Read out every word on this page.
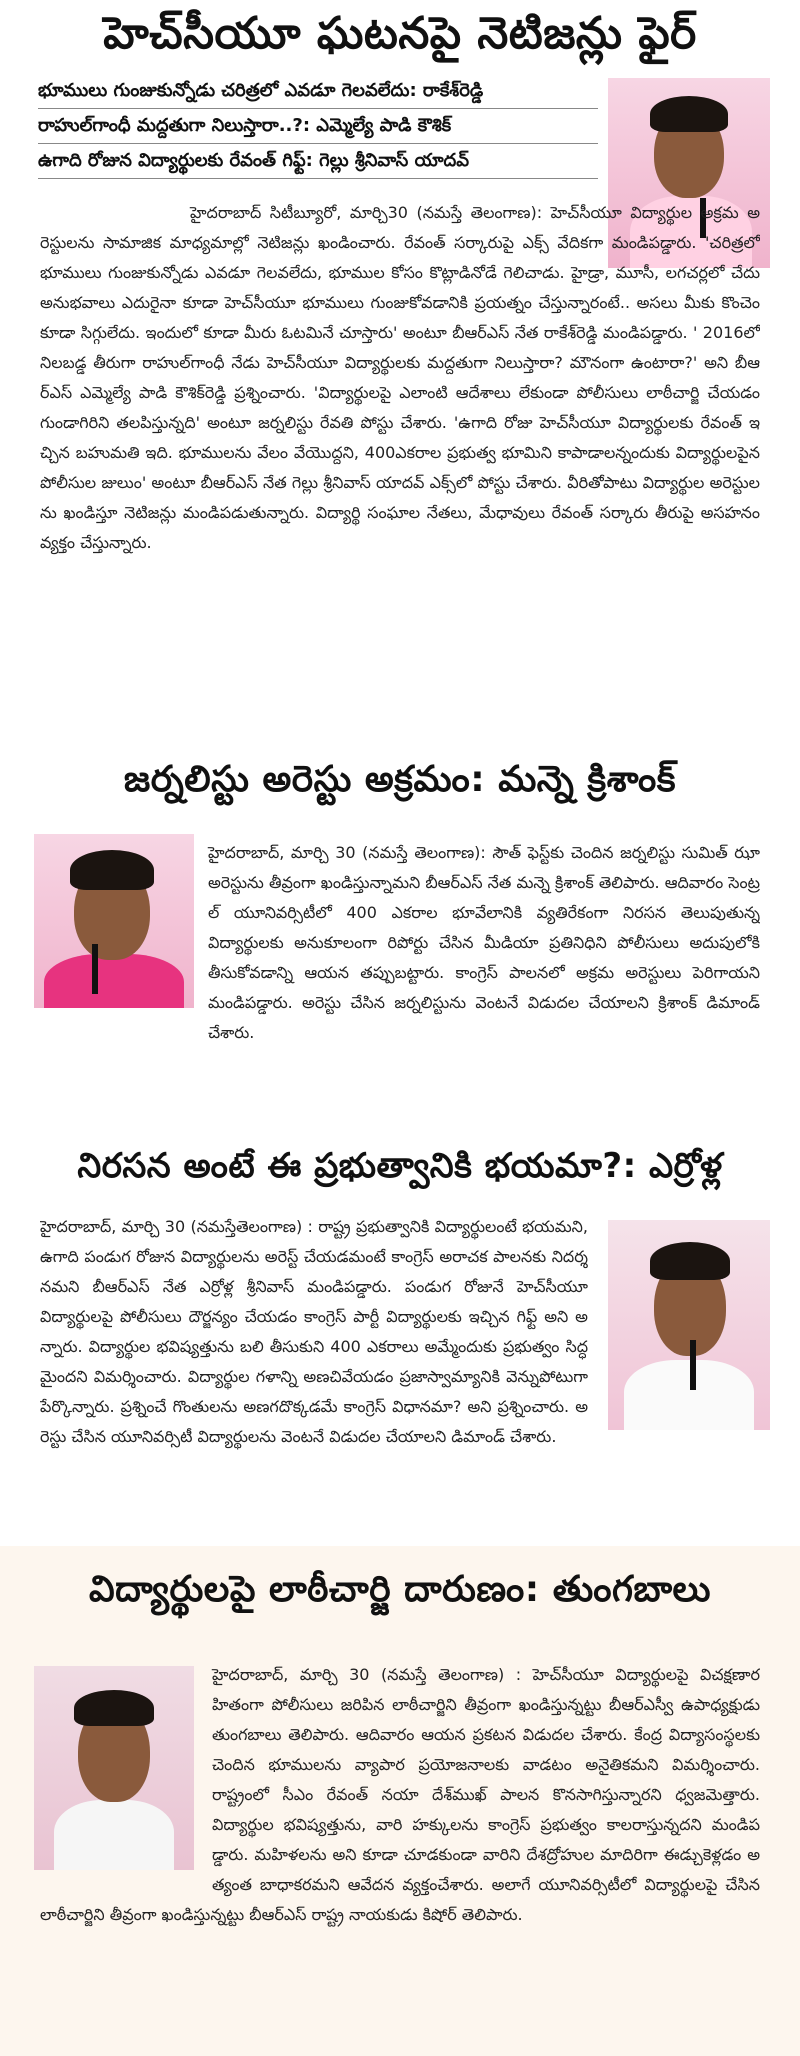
హెచ్‌సీయూ ఘటనపై నెటిజన్లు ఫైర్
భూములు గుంజుకున్నోడు చరిత్రలో ఎవడూ గెలవలేదు: రాకేశ్‌రెడ్డి
రాహుల్‌గాంధీ మద్దతుగా నిలుస్తారా..?: ఎమ్మెల్యే పాడి కౌశిక్
ఉగాది రోజున విద్యార్థులకు రేవంత్ గిఫ్ట్: గెల్లు శ్రీనివాస్ యాదవ్
హైదరాబాద్ సిటీబ్యూరో, మార్చి30 (నమస్తే తెలంగాణ): హెచ్‌సీయూ విద్యార్థుల అక్రమ అరెస్టులను సామాజిక మాధ్యమాల్లో నెటిజన్లు ఖండించారు. రేవంత్ సర్కారుపై ఎక్స్ వేదికగా మండిపడ్డారు. 'చరిత్రలో భూములు గుంజుకున్నోడు ఎవడూ గెలవలేదు, భూముల కోసం కొట్లాడినోడే గెలిచాడు. హైడ్రా, మూసీ, లగచర్లలో చేదు అనుభవాలు ఎదురైనా కూడా హెచ్‌సీయూ భూములు గుంజుకోవడానికి ప్రయత్నం చేస్తున్నారంటే.. అసలు మీకు కొంచెం కూడా సిగ్గులేదు. ఇందులో కూడా మీరు ఓటమినే చూస్తారు' అంటూ బీఆర్‌ఎస్ నేత రాకేశ్‌రెడ్డి మండిపడ్డారు. ' 2016లో నిలబడ్డ తీరుగా రాహుల్‌గాంధీ నేడు హెచ్‌సీయూ విద్యార్థులకు మద్దతుగా నిలుస్తారా? మౌనంగా ఉంటారా?' అని బీఆర్‌ఎస్ ఎమ్మెల్యే పాడి కౌశిక్‌రెడ్డి ప్రశ్నించారు. 'విద్యార్థులపై ఎలాంటి ఆదేశాలు లేకుండా పోలీసులు లాఠీచార్జి చేయడం గుండాగిరిని తలపిస్తున్నది' అంటూ జర్నలిస్టు రేవతి పోస్టు చేశారు. 'ఉగాది రోజు హెచ్‌సీయూ విద్యార్థులకు రేవంత్ ఇచ్చిన బహుమతి ఇది. భూములను వేలం వేయొద్దని, 400ఎకరాల ప్రభుత్వ భూమిని కాపాడాలన్నందుకు విద్యార్థులపైన పోలీసుల జులుం' అంటూ బీఆర్‌ఎస్ నేత గెల్లు శ్రీనివాస్ యాదవ్ ఎక్స్‌లో పోస్టు చేశారు. వీరితోపాటు విద్యార్థుల అరెస్టులను ఖండిస్తూ నెటిజన్లు మండిపడుతున్నారు. విద్యార్థి సంఘాల నేతలు, మేధావులు రేవంత్ సర్కారు తీరుపై అసహనం వ్యక్తం చేస్తున్నారు.
జర్నలిస్టు అరెస్టు అక్రమం: మన్నె క్రిశాంక్
హైదరాబాద్, మార్చి 30 (నమస్తే తెలంగాణ): సౌత్ ఫెస్ట్‌కు చెందిన జర్నలిస్టు సుమిత్ ఝా అరెస్టును తీవ్రంగా ఖండిస్తున్నామని బీఆర్‌ఎస్ నేత మన్నె క్రిశాంక్ తెలిపారు. ఆదివారం సెంట్రల్ యూనివర్సిటీలో 400 ఎకరాల భూవేలానికి వ్యతిరేకంగా నిరసన తెలుపుతున్న విద్యార్థులకు అనుకూలంగా రిపోర్టు చేసిన మీడియా ప్రతినిధిని పోలీసులు అదుపులోకి తీసుకోవడాన్ని ఆయన తప్పుబట్టారు. కాంగ్రెస్ పాలనలో అక్రమ అరెస్టులు పెరిగాయని మండిపడ్డారు. అరెస్టు చేసిన జర్నలిస్టును వెంటనే విడుదల చేయాలని క్రిశాంక్ డిమాండ్ చేశారు.
నిరసన అంటే ఈ ప్రభుత్వానికి భయమా?: ఎర్రోళ్ల
హైదరాబాద్, మార్చి 30 (నమస్తేతెలంగాణ) : రాష్ట్ర ప్రభుత్వానికి విద్యార్థులంటే భయమని, ఉగాది పండుగ రోజున విద్యార్థులను అరెస్ట్ చేయడమంటే కాంగ్రెస్ అరాచక పాలనకు నిదర్శనమని బీఆర్‌ఎస్ నేత ఎర్రోళ్ల శ్రీనివాస్ మండిపడ్డారు. పండుగ రోజునే హెచ్‌సీయూ విద్యార్థులపై పోలీసులు దౌర్జన్యం చేయడం కాంగ్రెస్ పార్టీ విద్యార్థులకు ఇచ్చిన గిఫ్ట్ అని అన్నారు. విద్యార్థుల భవిష్యత్తును బలి తీసుకుని 400 ఎకరాలు అమ్మేందుకు ప్రభుత్వం సిద్ధమైందని విమర్శించారు. విద్యార్థుల గళాన్ని అణచివేయడం ప్రజాస్వామ్యానికి వెన్నుపోటుగా పేర్కొన్నారు. ప్రశ్నించే గొంతులను అణగదొక్కడమే కాంగ్రెస్ విధానమా? అని ప్రశ్నించారు. అరెస్టు చేసిన యూనివర్సిటీ విద్యార్థులను వెంటనే విడుదల చేయాలని డిమాండ్ చేశారు.
విద్యార్థులపై లాఠీచార్జి దారుణం: తుంగబాలు
హైదరాబాద్, మార్చి 30 (నమస్తే తెలంగాణ) : హెచ్‌సీయూ విద్యార్థులపై విచక్షణారహితంగా పోలీసులు జరిపిన లాఠీచార్జిని తీవ్రంగా ఖండిస్తున్నట్టు బీఆర్‌ఎస్వీ ఉపాధ్యక్షుడు తుంగబాలు తెలిపారు. ఆదివారం ఆయన ప్రకటన విడుదల చేశారు. కేంద్ర విద్యాసంస్థలకు చెందిన భూములను వ్యాపార ప్రయోజనాలకు వాడటం అనైతికమని విమర్శించారు. రాష్ట్రంలో సీఎం రేవంత్ నయా దేశ్‌ముఖ్ పాలన కొనసాగిస్తున్నారని ధ్వజమెత్తారు. విద్యార్థుల భవిష్యత్తును, వారి హక్కులను కాంగ్రెస్ ప్రభుత్వం కాలరాస్తున్నదని మండిపడ్డారు. మహిళలను అని కూడా చూడకుండా వారిని దేశద్రోహుల మాదిరిగా ఈడ్చుకెళ్లడం అత్యంత బాధాకరమని ఆవేదన వ్యక్తంచేశారు. అలాగే యూనివర్సిటీలో విద్యార్థులపై చేసిన లాఠీచార్జిని తీవ్రంగా ఖండిస్తున్నట్టు బీఆర్‌ఎస్ రాష్ట్ర నాయకుడు కిషోర్ తెలిపారు.
